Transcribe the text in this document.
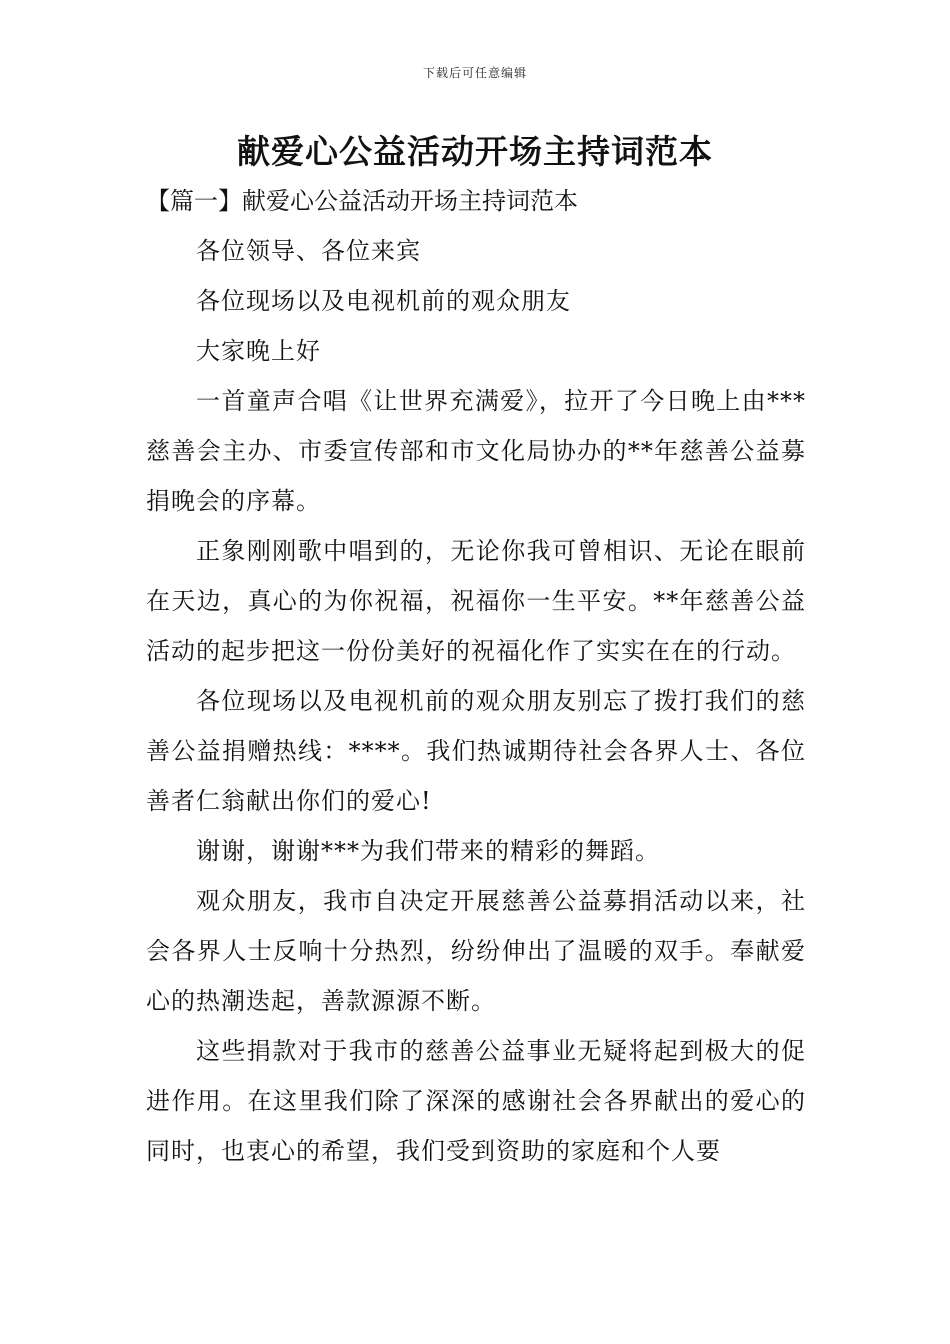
下载后可任意编辑
献爱心公益活动开场主持词范本

【篇一】献爱心公益活动开场主持词范本

各位领导、各位来宾

各位现场以及电视机前的观众朋友

大家晚上好

一首童声合唱《让世界充满爱》，拉开了今日晚上由***慈善会主办、市委宣传部和市文化局协办的**年慈善公益募捐晚会的序幕。

正象刚刚歌中唱到的，无论你我可曾相识、无论在眼前在天边，真心的为你祝福，祝福你一生平安。**年慈善公益活动的起步把这一份份美好的祝福化作了实实在在的行动。

各位现场以及电视机前的观众朋友别忘了拨打我们的慈善公益捐赠热线：****。我们热诚期待社会各界人士、各位善者仁翁献出你们的爱心!

谢谢，谢谢***为我们带来的精彩的舞蹈。

观众朋友，我市自决定开展慈善公益募捐活动以来，社会各界人士反响十分热烈，纷纷伸出了温暖的双手。奉献爱心的热潮迭起，善款源源不断。

这些捐款对于我市的慈善公益事业无疑将起到极大的促进作用。在这里我们除了深深的感谢社会各界献出的爱心的同时，也衷心的希望，我们受到资助的家庭和个人要
